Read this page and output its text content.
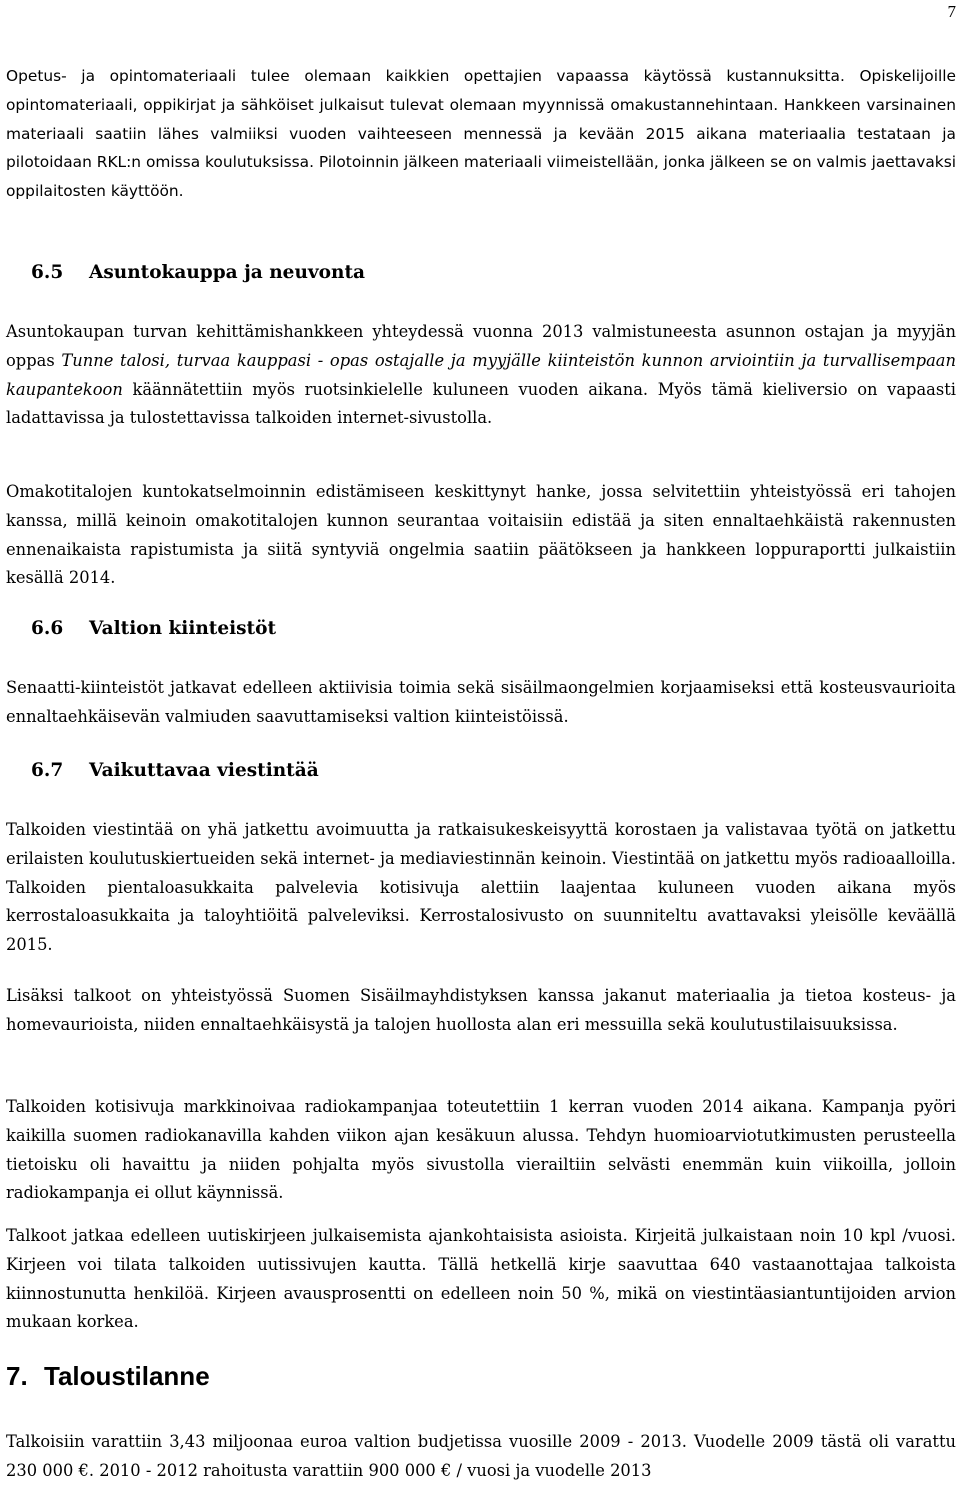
7

Opetus- ja opintomateriaali tulee olemaan kaikkien opettajien vapaassa käytössä kustannuksitta. Opiskelijoille opintomateriaali, oppikirjat ja sähköiset julkaisut tulevat olemaan myynnissä omakustannehintaan. Hankkeen varsinainen materiaali saatiin lähes valmiiksi vuoden vaihteeseen mennessä ja kevään 2015 aikana materiaalia testataan ja pilotoidaan RKL:n omissa koulutuksissa. Pilotoinnin jälkeen materiaali viimeistellään, jonka jälkeen se on valmis jaettavaksi oppilaitosten käyttöön.

6.5 Asuntokauppa ja neuvonta

Asuntokaupan turvan kehittämishankkeen yhteydessä vuonna 2013 valmistuneesta asunnon ostajan ja myyjän oppas Tunne talosi, turvaa kauppasi - opas ostajalle ja myyjälle kiinteistön kunnon arviointiin ja turvallisempaan kaupantekoon käännätettiin myös ruotsinkielelle kuluneen vuoden aikana. Myös tämä kieliversio on vapaasti ladattavissa ja tulostettavissa talkoiden internet-sivustolla.

Omakotitalojen kuntokatselmoinnin edistämiseen keskittynyt hanke, jossa selvitettiin yhteistyössä eri tahojen kanssa, millä keinoin omakotitalojen kunnon seurantaa voitaisiin edistää ja siten ennaltaehkäistä rakennusten ennenaikaista rapistumista ja siitä syntyviä ongelmia saatiin päätökseen ja hankkeen loppuraportti julkaistiin kesällä 2014.

6.6 Valtion kiinteistöt

Senaatti-kiinteistöt jatkavat edelleen aktiivisia toimia sekä sisäilmaongelmien korjaamiseksi että kosteusvaurioita ennaltaehkäisevän valmiuden saavuttamiseksi valtion kiinteistöissä.

6.7 Vaikuttavaa viestintää

Talkoiden viestintää on yhä jatkettu avoimuutta ja ratkaisukeskeisyyttä korostaen ja valistavaa työtä on jatkettu erilaisten koulutuskiertueiden sekä internet- ja mediaviestinnän keinoin. Viestintää on jatkettu myös radioaalloilla. Talkoiden pientaloasukkaita palvelevia kotisivuja alettiin laajentaa kuluneen vuoden aikana myös kerrostaloasukkaita ja taloyhtiöitä palveleviksi. Kerrostalosivusto on suunniteltu avattavaksi yleisölle keväällä 2015.

Lisäksi talkoot on yhteistyössä Suomen Sisäilmayhdistyksen kanssa jakanut materiaalia ja tietoa kosteus- ja homevaurioista, niiden ennaltaehkäisystä ja talojen huollosta alan eri messuilla sekä koulutustilaisuuksissa.

Talkoiden kotisivuja markkinoivaa radiokampanjaa toteutettiin 1 kerran vuoden 2014 aikana. Kampanja pyöri kaikilla suomen radiokanavilla kahden viikon ajan kesäkuun alussa. Tehdyn huomioarviotutkimusten perusteella tietoisku oli havaittu ja niiden pohjalta myös sivustolla vierailtiin selvästi enemmän kuin viikoilla, jolloin radiokampanja ei ollut käynnissä.

Talkoot jatkaa edelleen uutiskirjeen julkaisemista ajankohtaisista asioista. Kirjeitä julkaistaan noin 10 kpl /vuosi. Kirjeen voi tilata talkoiden uutissivujen kautta. Tällä hetkellä kirje saavuttaa 640 vastaanottajaa talkoista kiinnostunutta henkilöä. Kirjeen avausprosentti on edelleen noin 50 %, mikä on viestintäasiantuntijoiden arvion mukaan korkea.

7. Taloustilanne

Talkoisiin varattiin 3,43 miljoonaa euroa valtion budjetissa vuosille 2009 - 2013. Vuodelle 2009 tästä oli varattu 230 000 €. 2010 - 2012 rahoitusta varattiin 900 000 € / vuosi ja vuodelle 2013
